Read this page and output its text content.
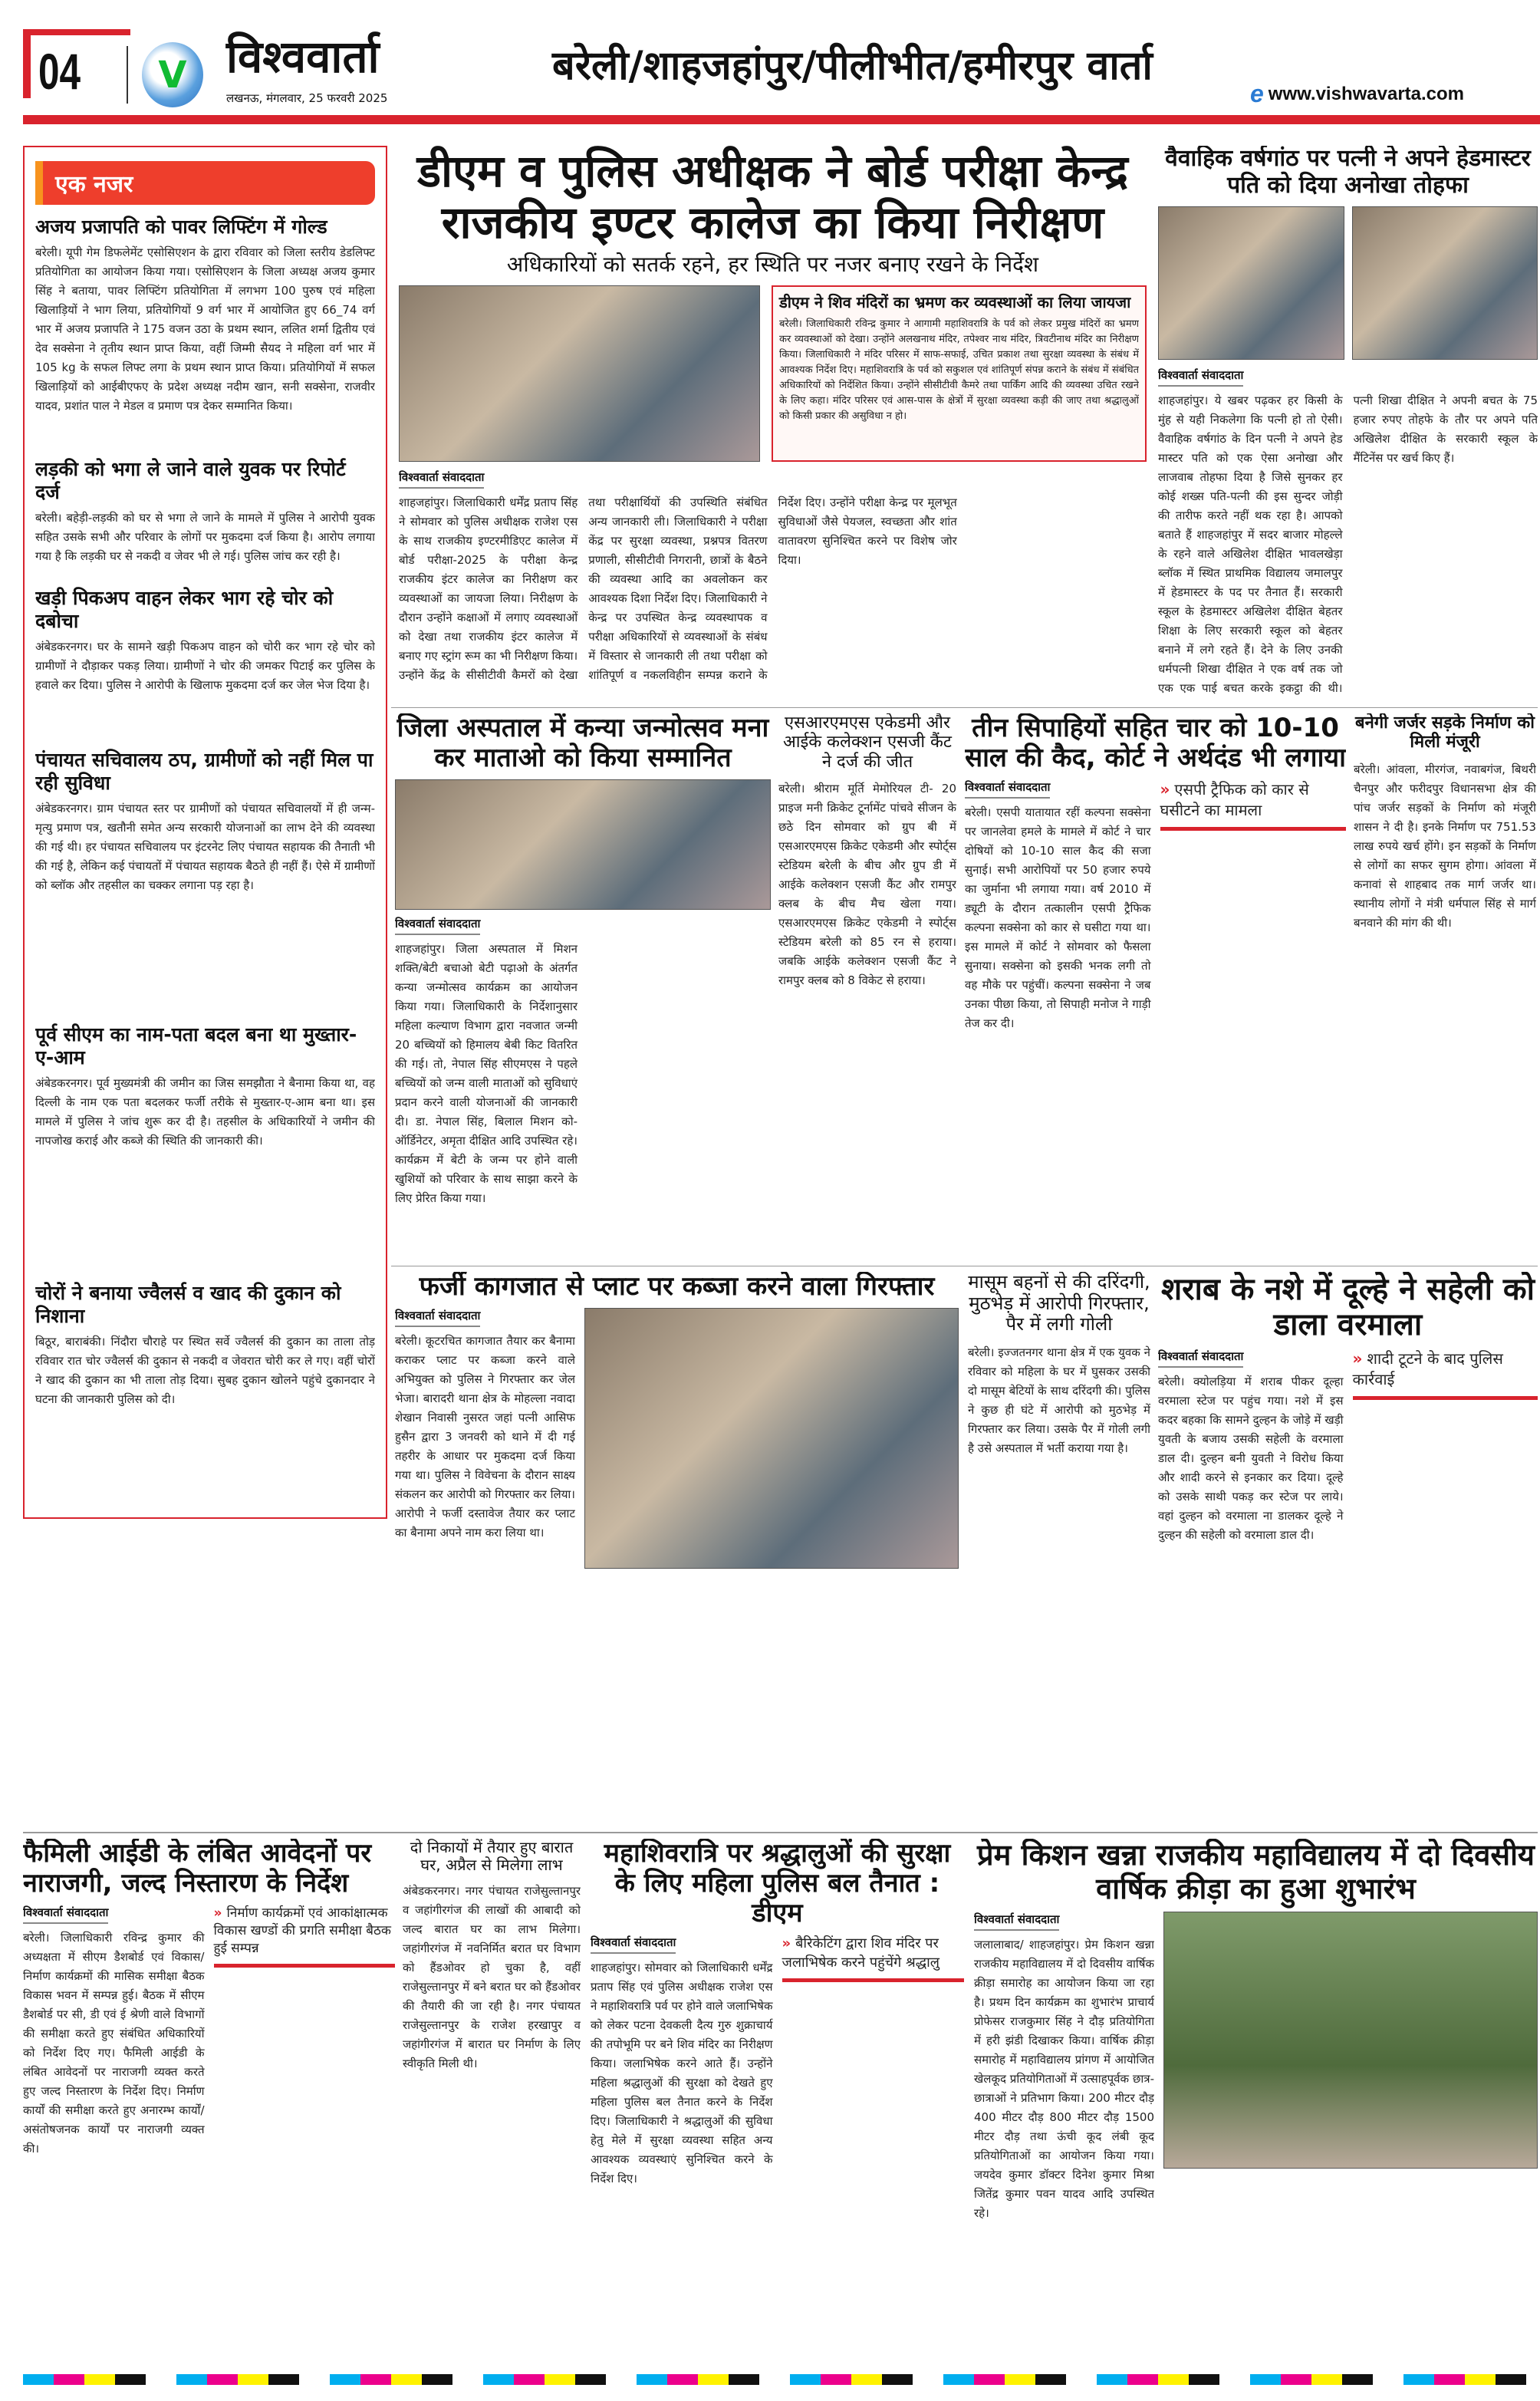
04	V विश्ववार्ता
लखनऊ, मंगलवार, 25 फरवरी 2025
बरेली/शाहजहांपुर/पीलीभीत/हमीरपुर वार्ता
e www.vishwavarta.com
एक नजर
अजय प्रजापति को पावर लिफ्टिंग में गोल्ड
बरेली। यूपी गेम डिफलेमेंट एसोसिएशन के द्वारा रविवार को जिला स्तरीय डेडलिफ्ट प्रतियोगिता का आयोजन किया गया। एसोसिएशन के जिला अध्यक्ष अजय कुमार सिंह ने बताया, पावर लिफ्टिंग प्रतियोगिता में लगभग 100 पुरुष एवं महिला खिलाड़ियों ने भाग लिया, प्रतियोगियों 9 वर्ग भार में आयोजित हुए 66_74 वर्ग भार में अजय प्रजापति ने 175 वजन उठा के प्रथम स्थान, ललित शर्मा द्वितीय एवं देव सक्सेना ने तृतीय स्थान प्राप्त किया, वहीं जिम्मी सैयद ने महिला वर्ग भार में 105 kg के सफल लिफ्ट लगा के प्रथम स्थान प्राप्त किया। प्रतियोगियों में सफल खिलाड़ियों को आईबीएफए के प्रदेश अध्यक्ष नदीम खान, सनी सक्सेना, राजवीर यादव, प्रशांत पाल ने मेडल व प्रमाण पत्र देकर सम्मानित किया।
लड़की को भगा ले जाने वाले युवक पर रिपोर्ट दर्ज
बरेली। बहेड़ी-लड़की को घर से भगा ले जाने के मामले में पुलिस ने आरोपी युवक सहित उसके सभी और परिवार के लोगों पर मुकदमा दर्ज किया है। आरोप लगाया गया है कि लड़की घर से नकदी व जेवर भी ले गई। पुलिस जांच कर रही है।
खड़ी पिकअप वाहन लेकर भाग रहे चोर को दबोचा
अंबेडकरनगर। घर के सामने खड़ी पिकअप वाहन को चोरी कर भाग रहे चोर को ग्रामीणों ने दौड़ाकर पकड़ लिया। ग्रामीणों ने चोर की जमकर पिटाई कर पुलिस के हवाले कर दिया। पुलिस ने आरोपी के खिलाफ मुकदमा दर्ज कर जेल भेज दिया है।
पंचायत सचिवालय ठप, ग्रामीणों को नहीं मिल पा रही सुविधा
अंबेडकरनगर। ग्राम पंचायत स्तर पर ग्रामीणों को पंचायत सचिवालयों में ही जन्म-मृत्यु प्रमाण पत्र, खतौनी समेत अन्य सरकारी योजनाओं का लाभ देने की व्यवस्था की गई थी। हर पंचायत सचिवालय पर इंटरनेट लिए पंचायत सहायक की तैनाती भी की गई है, लेकिन कई पंचायतों में पंचायत सहायक बैठते ही नहीं हैं। ऐसे में ग्रामीणों को ब्लॉक और तहसील का चक्कर लगाना पड़ रहा है।
पूर्व सीएम का नाम-पता बदल बना था मुख्तार-ए-आम
अंबेडकरनगर। पूर्व मुख्यमंत्री की जमीन का जिस समझौता ने बैनामा किया था, वह दिल्ली के नाम एक पता बदलकर फर्जी तरीके से मुख्तार-ए-आम बना था। इस मामले में पुलिस ने जांच शुरू कर दी है। तहसील के अधिकारियों ने जमीन की नापजोख कराई और कब्जे की स्थिति की जानकारी की।
चोरों ने बनाया ज्वैलर्स व खाद की दुकान को निशाना
बिठूर, बाराबंकी। निंदौरा चौराहे पर स्थित सर्वे ज्वैलर्स की दुकान का ताला तोड़ रविवार रात चोर ज्वैलर्स की दुकान से नकदी व जेवरात चोरी कर ले गए। वहीं चोरों ने खाद की दुकान का भी ताला तोड़ दिया। सुबह दुकान खोलने पहुंचे दुकानदार ने घटना की जानकारी पुलिस को दी।
डीएम व पुलिस अधीक्षक ने बोर्ड परीक्षा केन्द्र राजकीय इण्टर कालेज का किया निरीक्षण
अधिकारियों को सतर्क रहने, हर स्थिति पर नजर बनाए रखने के निर्देश
डीएम ने शिव मंदिरों का भ्रमण कर व्यवस्थाओं का लिया जायजा
बरेली। जिलाधिकारी रविन्द्र कुमार ने आगामी महाशिवरात्रि के पर्व को लेकर प्रमुख मंदिरों का भ्रमण कर व्यवस्थाओं को देखा। उन्होंने अलखनाथ मंदिर, तपेश्वर नाथ मंदिर, त्रिवटीनाथ मंदिर का निरीक्षण किया। जिलाधिकारी ने मंदिर परिसर में साफ-सफाई, उचित प्रकाश तथा सुरक्षा व्यवस्था के संबंध में आवश्यक निर्देश दिए। महाशिवरात्रि के पर्व को सकुशल एवं शांतिपूर्ण संपन्न कराने के संबंध में संबंधित अधिकारियों को निर्देशित किया। उन्होंने सीसीटीवी कैमरे तथा पार्किंग आदि की व्यवस्था उचित रखने के लिए कहा। मंदिर परिसर एवं आस-पास के क्षेत्रों में सुरक्षा व्यवस्था कड़ी की जाए तथा श्रद्धालुओं को किसी प्रकार की असुविधा न हो।
विश्ववार्ता संवाददाता
शाहजहांपुर। जिलाधिकारी धर्मेंद्र प्रताप सिंह ने सोमवार को पुलिस अधीक्षक राजेश एस के साथ राजकीय इण्टरमीडिएट कालेज में बोर्ड परीक्षा-2025 के परीक्षा केन्द्र राजकीय इंटर कालेज का निरीक्षण कर व्यवस्थाओं का जायजा लिया। निरीक्षण के दौरान उन्होंने कक्षाओं में लगाए व्यवस्थाओं को देखा तथा राजकीय इंटर कालेज में बनाए गए स्ट्रांग रूम का भी निरीक्षण किया। उन्होंने केंद्र के सीसीटीवी कैमरों को देखा तथा परीक्षार्थियों की उपस्थिति संबंधित अन्य जानकारी ली। जिलाधिकारी ने परीक्षा केंद्र पर सुरक्षा व्यवस्था, प्रश्नपत्र वितरण प्रणाली, सीसीटीवी निगरानी, छात्रों के बैठने की व्यवस्था आदि का अवलोकन कर आवश्यक दिशा निर्देश दिए। जिलाधिकारी ने केन्द्र पर उपस्थित केन्द्र व्यवस्थापक व परीक्षा अधिकारियों से व्यवस्थाओं के संबंध में विस्तार से जानकारी ली तथा परीक्षा को शांतिपूर्ण व नकलविहीन सम्पन्न कराने के निर्देश दिए। उन्होंने परीक्षा केन्द्र पर मूलभूत सुविधाओं जैसे पेयजल, स्वच्छता और शांत वातावरण सुनिश्चित करने पर विशेष जोर दिया।
वैवाहिक वर्षगांठ पर पत्नी ने अपने हेडमास्टर पति को दिया अनोखा तोहफा
विश्ववार्ता संवाददाता
शाहजहांपुर। ये खबर पढ़कर हर किसी के मुंह से यही निकलेगा कि पत्नी हो तो ऐसी। वैवाहिक वर्षगांठ के दिन पत्नी ने अपने हेड मास्टर पति को एक ऐसा अनोखा और लाजवाब तोहफा दिया है जिसे सुनकर हर कोई शख्स पति-पत्नी की इस सुन्दर जोड़ी की तारीफ करते नहीं थक रहा है। आपको बताते हैं शाहजहांपुर में सदर बाजार मोहल्ले के रहने वाले अखिलेश दीक्षित भावलखेड़ा ब्लॉक में स्थित प्राथमिक विद्यालय जमालपुर में हेडमास्टर के पद पर तैनात हैं। सरकारी स्कूल के हेडमास्टर अखिलेश दीक्षित बेहतर शिक्षा के लिए सरकारी स्कूल को बेहतर बनाने में लगे रहते हैं। देने के लिए उनकी धर्मपत्नी शिखा दीक्षित ने एक वर्ष तक जो एक एक पाई बचत करके इकट्ठा की थी। पत्नी शिखा दीक्षित ने अपनी बचत के 75 हजार रुपए तोहफे के तौर पर अपने पति अखिलेश दीक्षित के सरकारी स्कूल के मैंटिनेंस पर खर्च किए हैं।
जिला अस्पताल में कन्या जन्मोत्सव मना कर माताओ को किया सम्मानित
विश्ववार्ता संवाददाता
शाहजहांपुर। जिला अस्पताल में मिशन शक्ति/बेटी बचाओ बेटी पढ़ाओ के अंतर्गत कन्या जन्मोत्सव कार्यक्रम का आयोजन किया गया। जिलाधिकारी के निर्देशानुसार महिला कल्याण विभाग द्वारा नवजात जन्मी 20 बच्चियों को हिमालय बेबी किट वितरित की गई। तो, नेपाल सिंह सीएमएस ने पहले बच्चियों को जन्म वाली माताओं को सुविधाएं प्रदान करने वाली योजनाओं की जानकारी दी। डा. नेपाल सिंह, बिलाल मिशन को-ऑर्डिनेटर, अमृता दीक्षित आदि उपस्थित रहे। कार्यक्रम में बेटी के जन्म पर होने वाली खुशियों को परिवार के साथ साझा करने के लिए प्रेरित किया गया।
एसआरएमएस एकेडमी और आईके कलेक्शन एसजी कैंट ने दर्ज की जीत
बरेली। श्रीराम मूर्ति मेमोरियल टी- 20 प्राइज मनी क्रिकेट टूर्नामेंट पांचवे सीजन के छठे दिन सोमवार को ग्रुप बी में एसआरएमएस क्रिकेट एकेडमी और स्पोर्ट्स स्टेडियम बरेली के बीच और ग्रुप डी में आईके कलेक्शन एसजी कैंट और रामपुर क्लब के बीच मैच खेला गया। एसआरएमएस क्रिकेट एकेडमी ने स्पोर्ट्स स्टेडियम बरेली को 85 रन से हराया। जबकि आईके कलेक्शन एसजी कैंट ने रामपुर क्लब को 8 विकेट से हराया।
तीन सिपाहियों सहित चार को 10-10 साल की कैद, कोर्ट ने अर्थदंड भी लगाया
विश्ववार्ता संवाददाता
बरेली। एसपी यातायात रहीं कल्पना सक्सेना पर जानलेवा हमले के मामले में कोर्ट ने चार दोषियों को 10-10 साल कैद की सजा सुनाई। सभी आरोपियों पर 50 हजार रुपये का जुर्माना भी लगाया गया। वर्ष 2010 में ड्यूटी के दौरान तत्कालीन एसपी ट्रैफिक कल्पना सक्सेना को कार से घसीटा गया था। इस मामले में कोर्ट ने सोमवार को फैसला सुनाया। सक्सेना को इसकी भनक लगी तो वह मौके पर पहुंचीं। कल्पना सक्सेना ने जब उनका पीछा किया, तो सिपाही मनोज ने गाड़ी तेज कर दी।
» एसपी ट्रैफिक को कार से घसीटने का मामला
बनेगी जर्जर सड़के निर्माण को मिली मंजूरी
बरेली। आंवला, मीरगंज, नवाबगंज, बिथरी चैनपुर और फरीदपुर विधानसभा क्षेत्र की पांच जर्जर सड़कों के निर्माण को मंजूरी शासन ने दी है। इनके निर्माण पर 751.53 लाख रुपये खर्च होंगे। इन सड़कों के निर्माण से लोगों का सफर सुगम होगा। आंवला में कनावां से शाहबाद तक मार्ग जर्जर था। स्थानीय लोगों ने मंत्री धर्मपाल सिंह से मार्ग बनवाने की मांग की थी।
फर्जी कागजात से प्लाट पर कब्जा करने वाला गिरफ्तार
विश्ववार्ता संवाददाता
बरेली। कूटरचित कागजात तैयार कर बैनामा कराकर प्लाट पर कब्जा करने वाले अभियुक्त को पुलिस ने गिरफ्तार कर जेल भेजा। बारादरी थाना क्षेत्र के मोहल्ला नवादा शेखान निवासी नुसरत जहां पत्नी आसिफ हुसैन द्वारा 3 जनवरी को थाने में दी गई तहरीर के आधार पर मुकदमा दर्ज किया गया था। पुलिस ने विवेचना के दौरान साक्ष्य संकलन कर आरोपी को गिरफ्तार कर लिया। आरोपी ने फर्जी दस्तावेज तैयार कर प्लाट का बैनामा अपने नाम करा लिया था।
मासूम बहनों से की दरिंदगी, मुठभेड़ में आरोपी गिरफ्तार, पैर में लगी गोली
बरेली। इज्जतनगर थाना क्षेत्र में एक युवक ने रविवार को महिला के घर में घुसकर उसकी दो मासूम बेटियों के साथ दरिंदगी की। पुलिस ने कुछ ही घंटे में आरोपी को मुठभेड़ में गिरफ्तार कर लिया। उसके पैर में गोली लगी है उसे अस्पताल में भर्ती कराया गया है।
शराब के नशे में दूल्हे ने सहेली को डाला वरमाला
विश्ववार्ता संवाददाता
बरेली। क्योलड़िया में शराब पीकर दूल्हा वरमाला स्टेज पर पहुंच गया। नशे में इस कदर बहका कि सामने दुल्हन के जोड़े में खड़ी युवती के बजाय उसकी सहेली के वरमाला डाल दी। दुल्हन बनी युवती ने विरोध किया और शादी करने से इनकार कर दिया। दूल्हे को उसके साथी पकड़ कर स्टेज पर लाये। वहां दुल्हन को वरमाला ना डालकर दूल्हे ने दुल्हन की सहेली को वरमाला डाल दी।
» शादी टूटने के बाद पुलिस कार्रवाई
फैमिली आईडी के लंबित आवेदनों पर नाराजगी, जल्द निस्तारण के निर्देश
विश्ववार्ता संवाददाता
बरेली। जिलाधिकारी रविन्द्र कुमार की अध्यक्षता में सीएम डैशबोर्ड एवं विकास/निर्माण कार्यक्रमों की मासिक समीक्षा बैठक विकास भवन में सम्पन्न हुई। बैठक में सीएम डैशबोर्ड पर सी, डी एवं ई श्रेणी वाले विभागों की समीक्षा करते हुए संबंधित अधिकारियों को निर्देश दिए गए। फैमिली आईडी के लंबित आवेदनों पर नाराजगी व्यक्त करते हुए जल्द निस्तारण के निर्देश दिए। निर्माण कार्यों की समीक्षा करते हुए अनारम्भ कार्यों/असंतोषजनक कार्यों पर नाराजगी व्यक्त की।
» निर्माण कार्यक्रमों एवं आकांक्षात्मक विकास खण्डों की प्रगति समीक्षा बैठक हुई सम्पन्न
दो निकायों में तैयार हुए बारात घर, अप्रैल से मिलेगा लाभ
अंबेडकरनगर। नगर पंचायत राजेसुल्तानपुर व जहांगीरगंज की लाखों की आबादी को जल्द बारात घर का लाभ मिलेगा। जहांगीरगंज में नवनिर्मित बरात घर विभाग को हैंडओवर हो चुका है, वहीं राजेसुल्तानपुर में बने बरात घर को हैंडओवर की तैयारी की जा रही है। नगर पंचायत राजेसुल्तानपुर के राजेश हरखापुर व जहांगीरगंज में बारात घर निर्माण के लिए स्वीकृति मिली थी।
महाशिवरात्रि पर श्रद्धालुओं की सुरक्षा के लिए महिला पुलिस बल तैनात : डीएम
विश्ववार्ता संवाददाता
शाहजहांपुर। सोमवार को जिलाधिकारी धर्मेंद्र प्रताप सिंह एवं पुलिस अधीक्षक राजेश एस ने महाशिवरात्रि पर्व पर होने वाले जलाभिषेक को लेकर पटना देवकली दैत्य गुरु शुक्राचार्य की तपोभूमि पर बने शिव मंदिर का निरीक्षण किया। जलाभिषेक करने आते हैं। उन्होंने महिला श्रद्धालुओं की सुरक्षा को देखते हुए महिला पुलिस बल तैनात करने के निर्देश दिए। जिलाधिकारी ने श्रद्धालुओं की सुविधा हेतु मेले में सुरक्षा व्यवस्था सहित अन्य आवश्यक व्यवस्थाएं सुनिश्चित करने के निर्देश दिए।
» बैरिकेटिंग द्वारा शिव मंदिर पर जलाभिषेक करने पहुंचेंगे श्रद्धालु
प्रेम किशन खन्ना राजकीय महाविद्यालय में दो दिवसीय वार्षिक क्रीड़ा का हुआ शुभारंभ
विश्ववार्ता संवाददाता
जलालाबाद/ शाहजहांपुर। प्रेम किशन खन्ना राजकीय महाविद्यालय में दो दिवसीय वार्षिक क्रीड़ा समारोह का आयोजन किया जा रहा है। प्रथम दिन कार्यक्रम का शुभारंभ प्राचार्य प्रोफेसर राजकुमार सिंह ने दौड़ प्रतियोगिता में हरी झंडी दिखाकर किया। वार्षिक क्रीड़ा समारोह में महाविद्यालय प्रांगण में आयोजित खेलकूद प्रतियोगिताओं में उत्साहपूर्वक छात्र-छात्राओं ने प्रतिभाग किया। 200 मीटर दौड़ 400 मीटर दौड़ 800 मीटर दौड़ 1500 मीटर दौड़ तथा ऊंची कूद लंबी कूद प्रतियोगिताओं का आयोजन किया गया। जयदेव कुमार डॉक्टर दिनेश कुमार मिश्रा जितेंद्र कुमार पवन यादव आदि उपस्थित रहे।
